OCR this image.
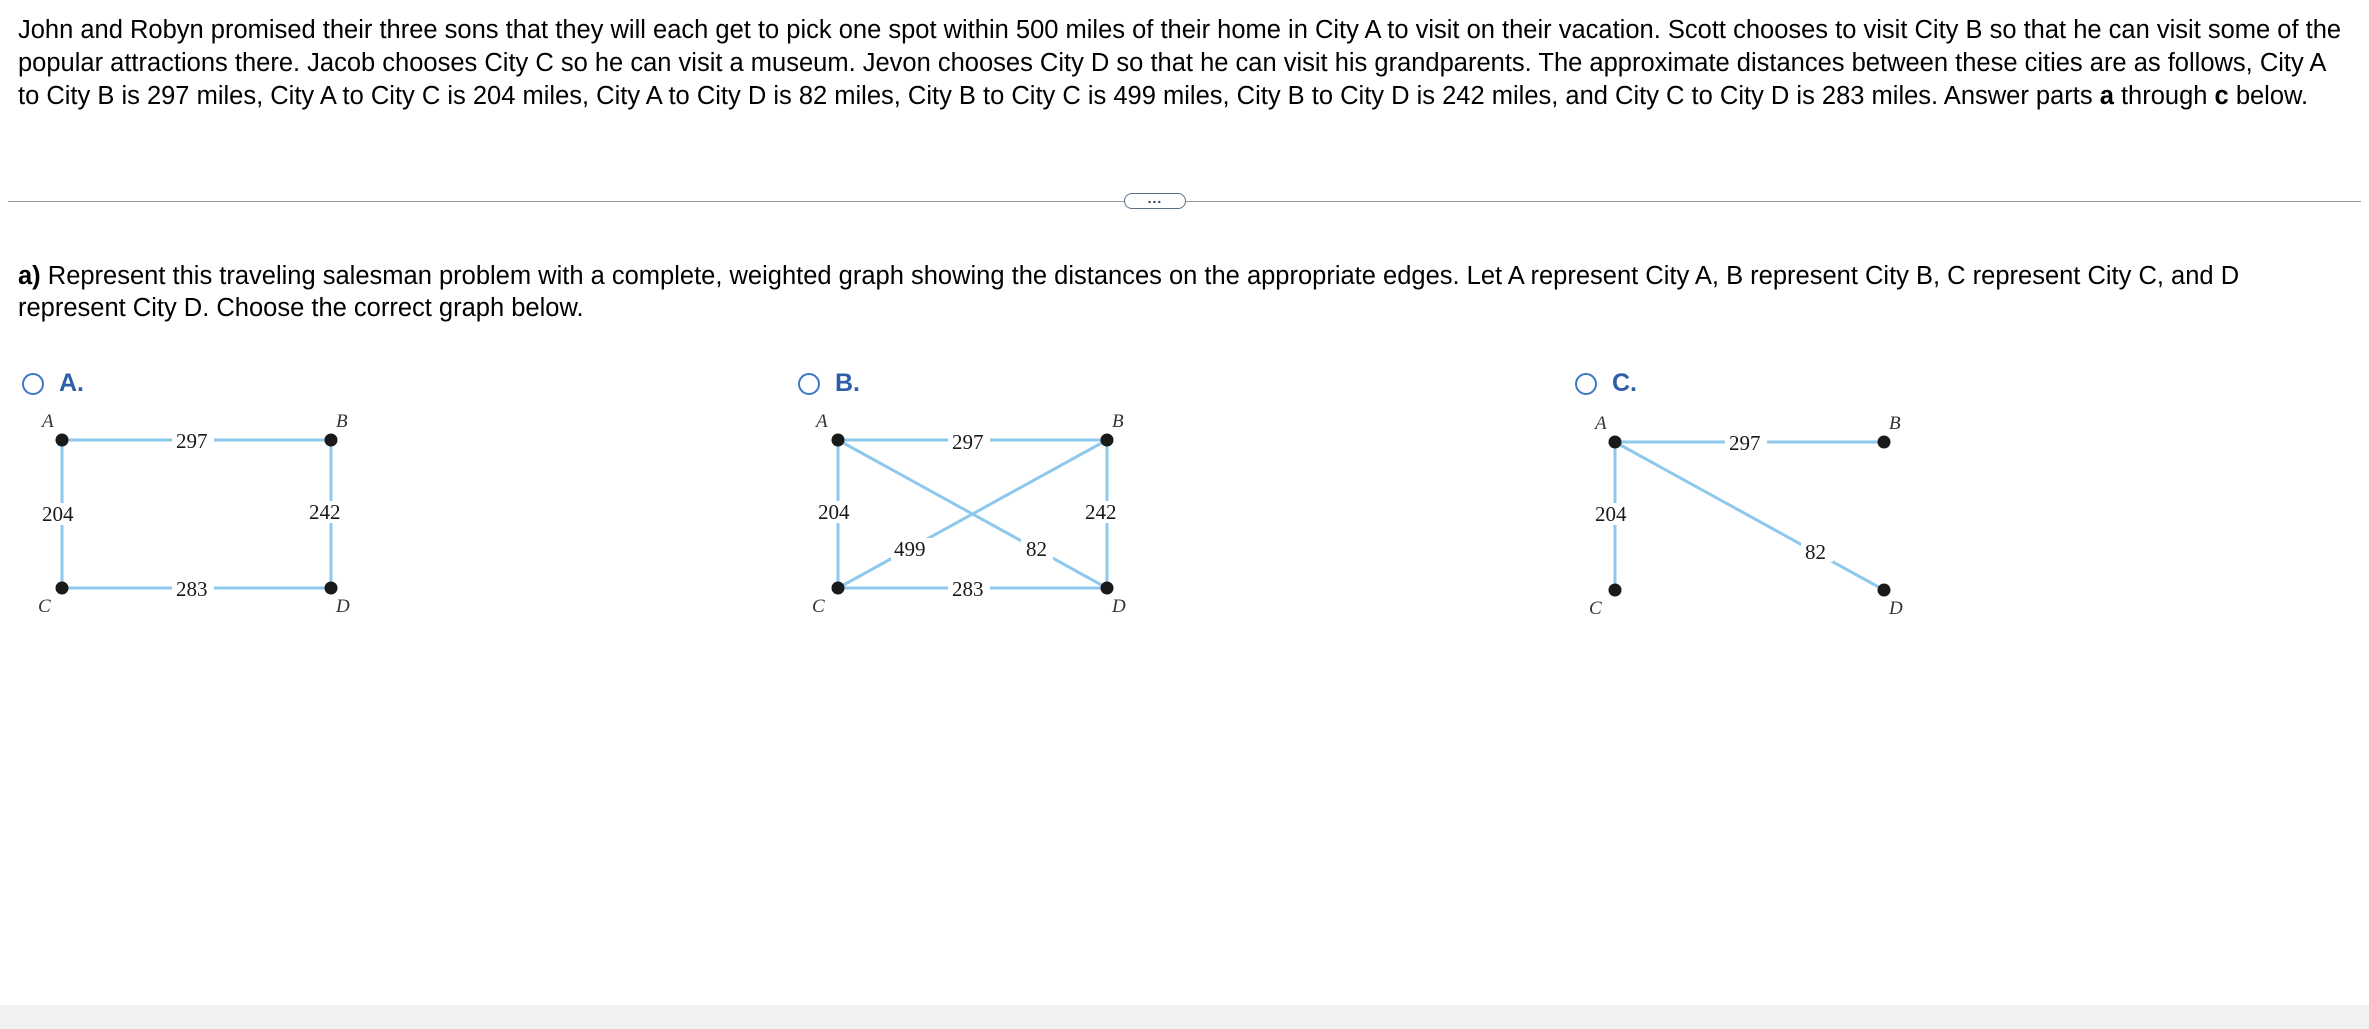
John and Robyn promised their three sons that they will each get to pick one spot within 500 miles of their home in City A to visit on their vacation. Scott chooses to visit City B so that he can visit some of the popular attractions there. Jacob chooses City C so he can visit a museum. Jevon chooses City D so that he can visit his grandparents. The approximate distances between these cities are as follows, City A to City B is 297 miles, City A to City C is 204 miles, City A to City D is 82 miles, City B to City C is 499 miles, City B to City D is 242 miles, and City C to City D is 283 miles. Answer parts a through c below.
...
a) Represent this traveling salesman problem with a complete, weighted graph showing the distances on the appropriate edges. Let A represent City A, B represent City B, C represent City C, and D represent City D. Choose the correct graph below.
A.
297
204	242
283
A	B
C	D
B.
297
204	242
283
499	82
A	B
C	D
C.
297
204
82
A	B
C	D
